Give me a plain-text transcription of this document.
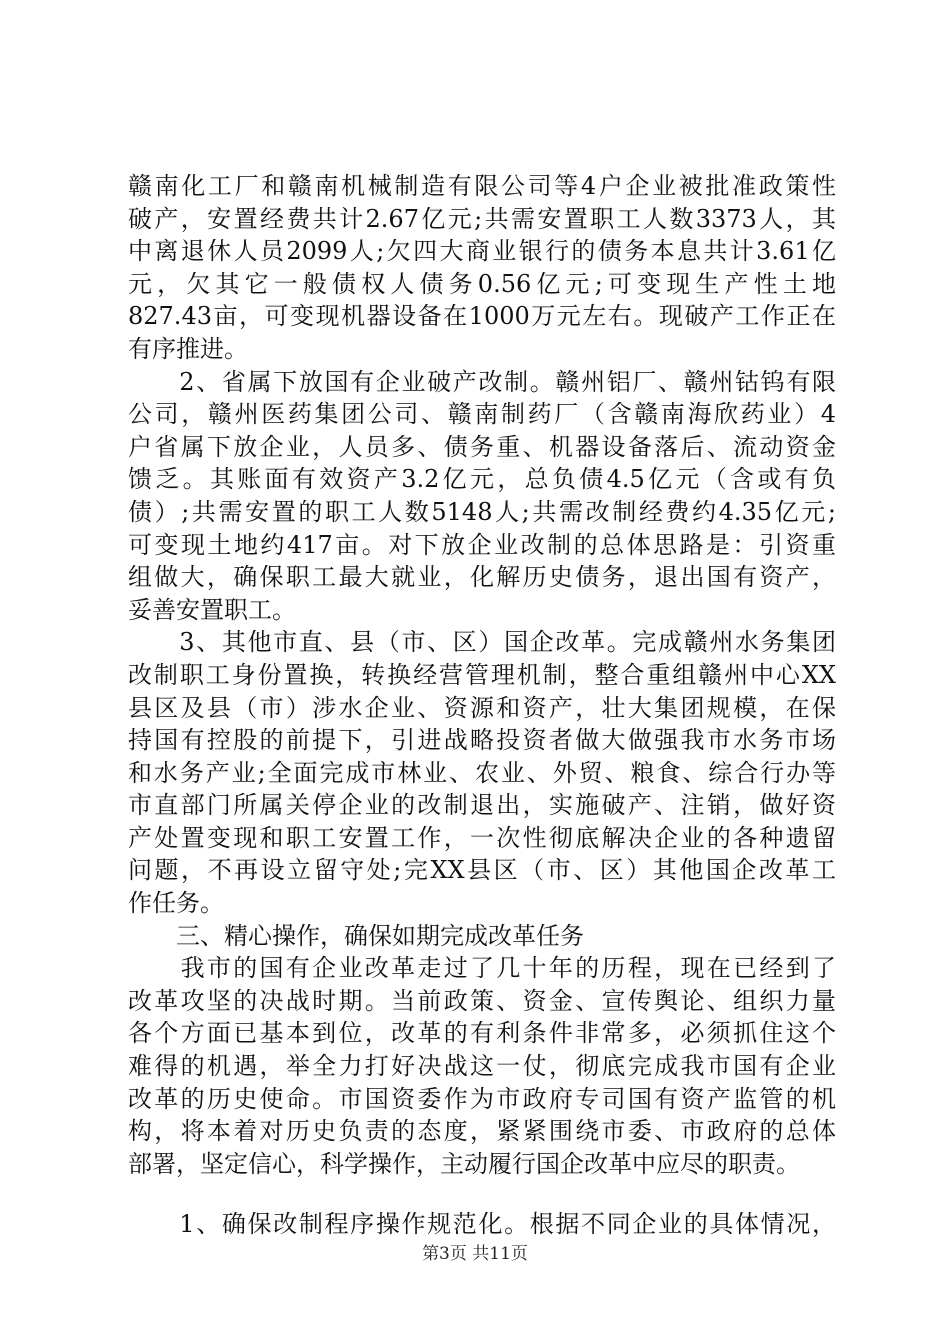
赣南化工厂和赣南机械制造有限公司等4户企业被批准政策性
破产，安置经费共计2.67亿元;共需安置职工人数3373人，其
中离退休人员2099人;欠四大商业银行的债务本息共计3.61亿
元，欠其它一般债权人债务0.56亿元;可变现生产性土地
827.43亩，可变现机器设备在1000万元左右。现破产工作正在
有序推进。
　　2、省属下放国有企业破产改制。赣州铝厂、赣州钴钨有限
公司，赣州医药集团公司、赣南制药厂（含赣南海欣药业）4
户省属下放企业，人员多、债务重、机器设备落后、流动资金
馈乏。其账面有效资产3.2亿元，总负债4.5亿元（含或有负
债）;共需安置的职工人数5148人;共需改制经费约4.35亿元;
可变现土地约417亩。对下放企业改制的总体思路是：引资重
组做大，确保职工最大就业，化解历史债务，退出国有资产，
妥善安置职工。
　　3、其他市直、县（市、区）国企改革。完成赣州水务集团
改制职工身份置换，转换经营管理机制，整合重组赣州中心XX
县区及县（市）涉水企业、资源和资产，壮大集团规模，在保
持国有控股的前提下，引进战略投资者做大做强我市水务市场
和水务产业;全面完成市林业、农业、外贸、粮食、综合行办等
市直部门所属关停企业的改制退出，实施破产、注销，做好资
产处置变现和职工安置工作，一次性彻底解决企业的各种遗留
问题，不再设立留守处;完XX县区（市、区）其他国企改革工
作任务。
　　三、精心操作，确保如期完成改革任务
　　我市的国有企业改革走过了几十年的历程，现在已经到了
改革攻坚的决战时期。当前政策、资金、宣传舆论、组织力量
各个方面已基本到位，改革的有利条件非常多，必须抓住这个
难得的机遇，举全力打好决战这一仗，彻底完成我市国有企业
改革的历史使命。市国资委作为市政府专司国有资产监管的机
构，将本着对历史负责的态度，紧紧围绕市委、市政府的总体
部署，坚定信心，科学操作，主动履行国企改革中应尽的职责。
　　1、确保改制程序操作规范化。根据不同企业的具体情况，
第3页 共11页
